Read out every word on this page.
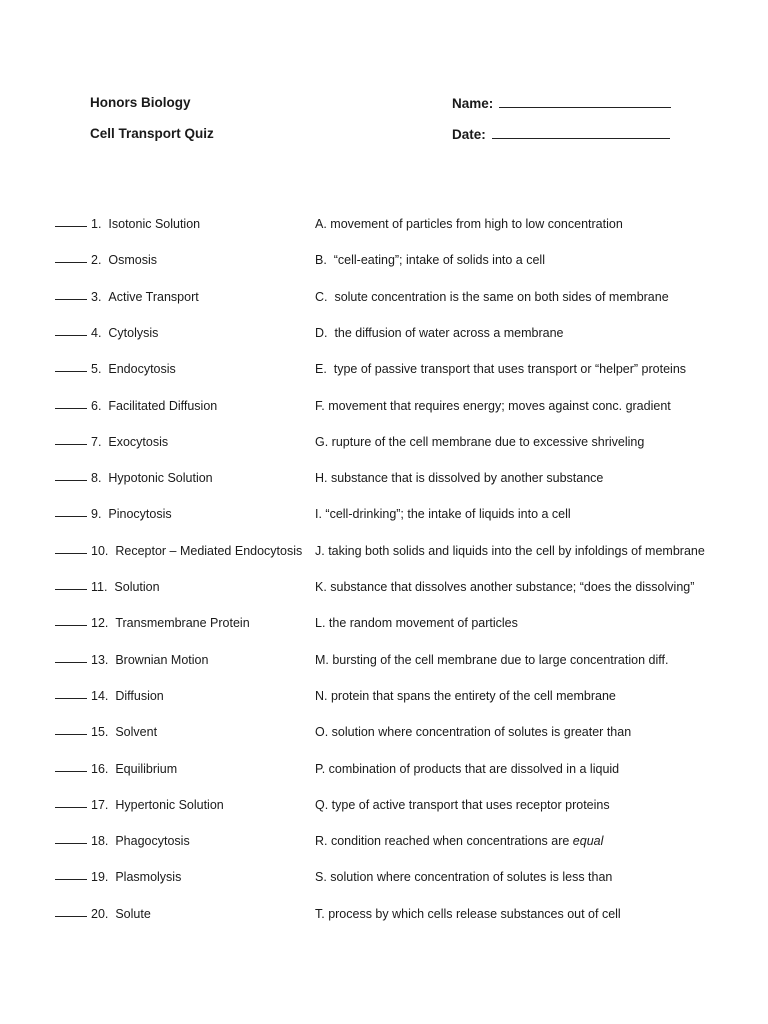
Honors Biology
Cell Transport Quiz
Name:
Date:
1. Isotonic Solution	A. movement of particles from high to low concentration
2. Osmosis	B.  “cell-eating”; intake of solids into a cell
3. Active Transport	C.  solute concentration is the same on both sides of membrane
4. Cytolysis	D.  the diffusion of water across a membrane
5. Endocytosis	E.  type of passive transport that uses transport or “helper” proteins
6. Facilitated Diffusion	F. movement that requires energy; moves against conc. gradient
7. Exocytosis	G. rupture of the cell membrane due to excessive shriveling
8. Hypotonic Solution	H. substance that is dissolved by another substance
9. Pinocytosis	I. “cell-drinking”; the intake of liquids into a cell
10. Receptor – Mediated Endocytosis J. taking both solids and liquids into the cell by infoldings of membrane
11. Solution	K. substance that dissolves another substance; “does the dissolving”
12. Transmembrane Protein	L. the random movement of particles
13. Brownian Motion	M. bursting of the cell membrane due to large concentration diff.
14. Diffusion	N. protein that spans the entirety of the cell membrane
15. Solvent	O. solution where concentration of solutes is greater than
16. Equilibrium	P. combination of products that are dissolved in a liquid
17. Hypertonic Solution	Q. type of active transport that uses receptor proteins
18. Phagocytosis	R. condition reached when concentrations are equal
19. Plasmolysis	S. solution where concentration of solutes is less than
20. Solute	T. process by which cells release substances out of cell
